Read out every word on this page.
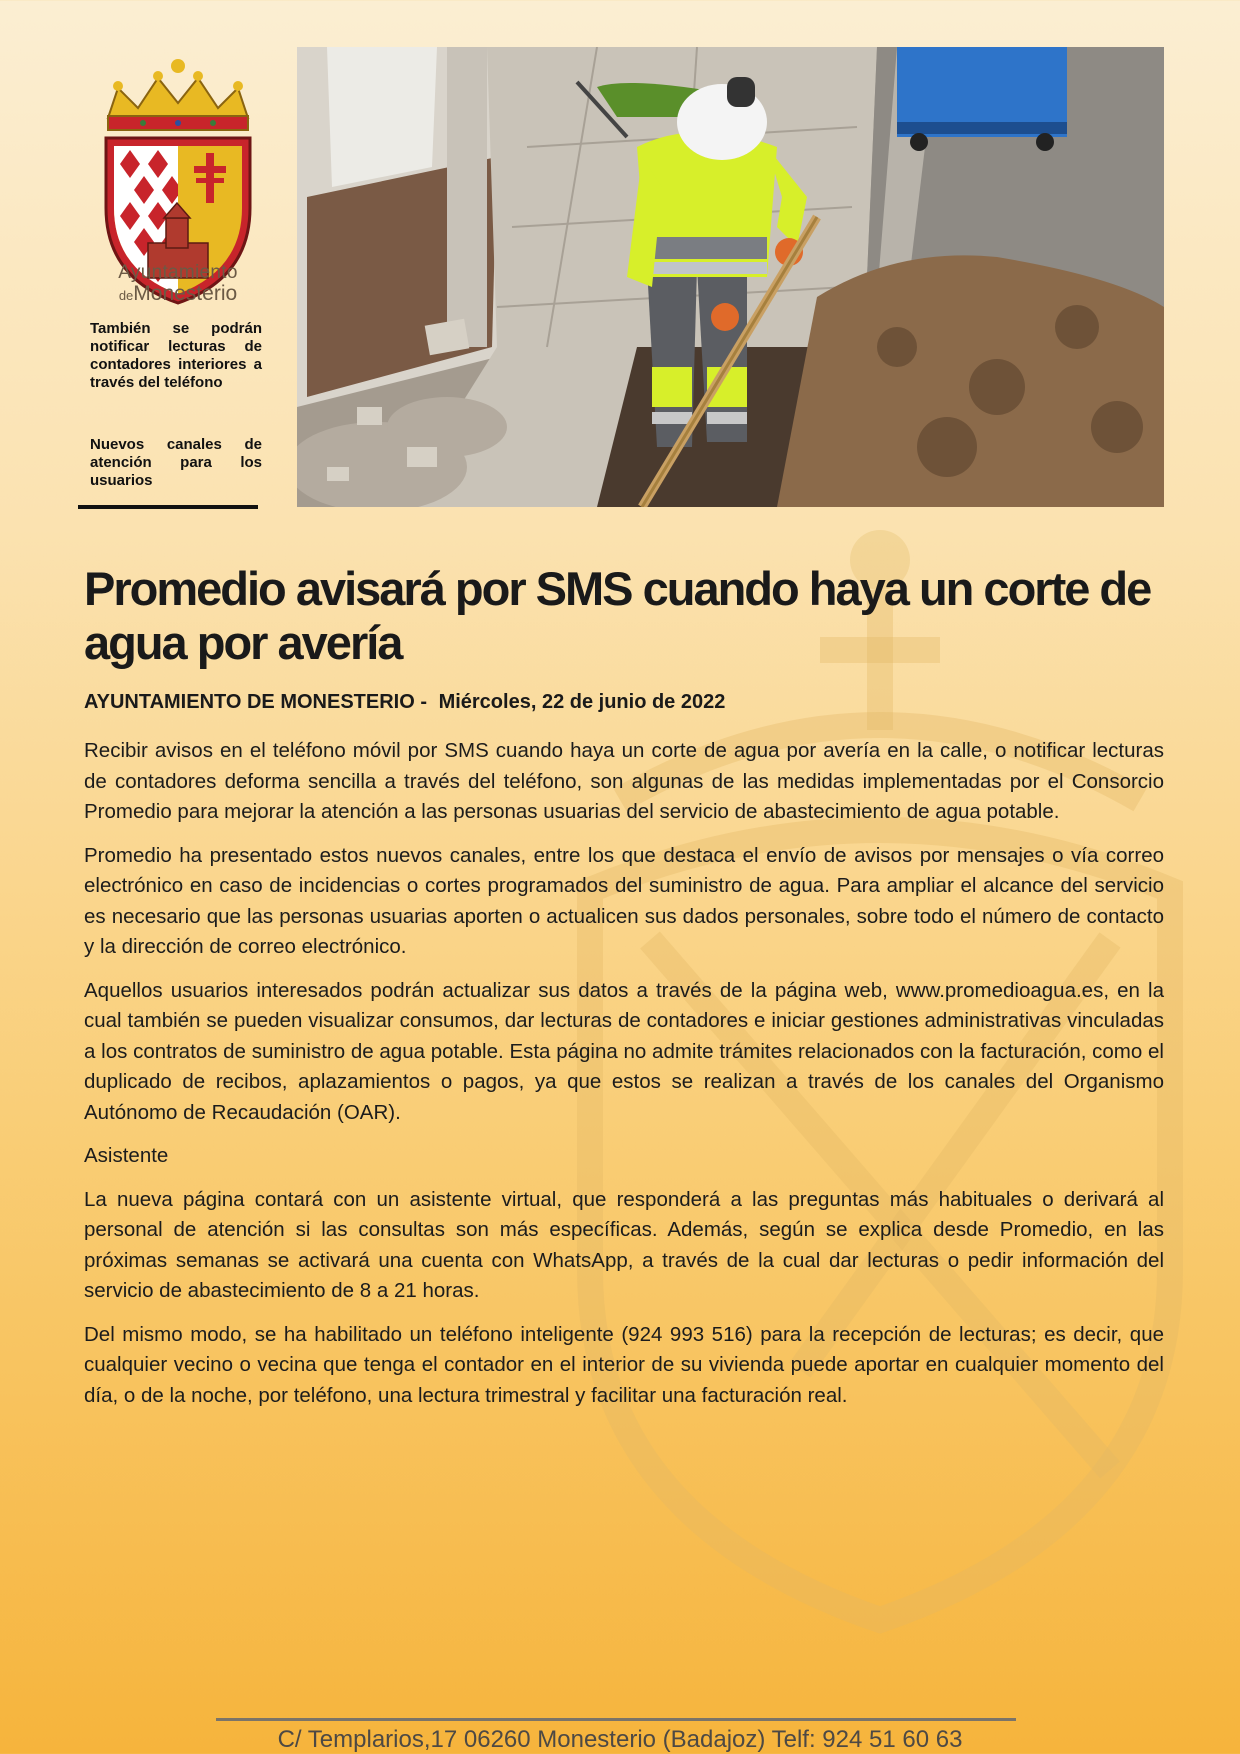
Ayuntamiento
deMonesterio
También se podrán notificar lecturas de contadores interiores a través del teléfono
Nuevos canales de atención para los usuarios
Promedio avisará por SMS cuando haya un corte de agua por avería
AYUNTAMIENTO DE MONESTERIO - Miércoles, 22 de junio de 2022

Recibir avisos en el teléfono móvil por SMS cuando haya un corte de agua por avería en la calle, o notificar lecturas de contadores deforma sencilla a través del teléfono, son algunas de las medidas implementadas por el Consorcio Promedio para mejorar la atención a las personas usuarias del servicio de abastecimiento de agua potable.

Promedio ha presentado estos nuevos canales, entre los que destaca el envío de avisos por mensajes o vía correo electrónico en caso de incidencias o cortes programados del suministro de agua. Para ampliar el alcance del servicio es necesario que las personas usuarias aporten o actualicen sus dados personales, sobre todo el número de contacto y la dirección de correo electrónico.

Aquellos usuarios interesados podrán actualizar sus datos a través de la página web, www.promedioagua.es, en la cual también se pueden visualizar consumos, dar lecturas de contadores e iniciar gestiones administrativas vinculadas a los contratos de suministro de agua potable. Esta página no admite trámites relacionados con la facturación, como el duplicado de recibos, aplazamientos o pagos, ya que estos se realizan a través de los canales del Organismo Autónomo de Recaudación (OAR).

Asistente

La nueva página contará con un asistente virtual, que responderá a las preguntas más habituales o derivará al personal de atención si las consultas son más específicas. Además, según se explica desde Promedio, en las próximas semanas se activará una cuenta con WhatsApp, a través de la cual dar lecturas o pedir información del servicio de abastecimiento de 8 a 21 horas.

Del mismo modo, se ha habilitado un teléfono inteligente (924 993 516) para la recepción de lecturas; es decir, que cualquier vecino o vecina que tenga el contador en el interior de su vivienda puede aportar en cualquier momento del día, o de la noche, por teléfono, una lectura trimestral y facilitar una facturación real.

C/ Templarios,17 06260 Monesterio (Badajoz) Telf: 924 51 60 63
